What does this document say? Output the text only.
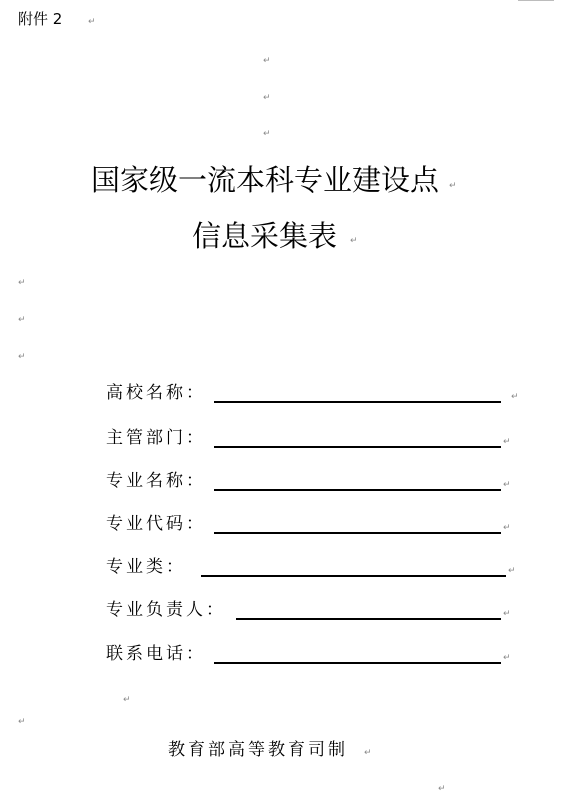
附件 2	↵
↵
↵
↵
国家级一流本科专业建设点 ↵
信息采集表 ↵
↵
↵
↵
高校名称：	↵
主管部门：	↵
专业名称：	↵
专业代码：	↵
专业类：	↵
专业负责人：	↵
联系电话：	↵
↵
↵
教育部高等教育司制 ↵
↵
